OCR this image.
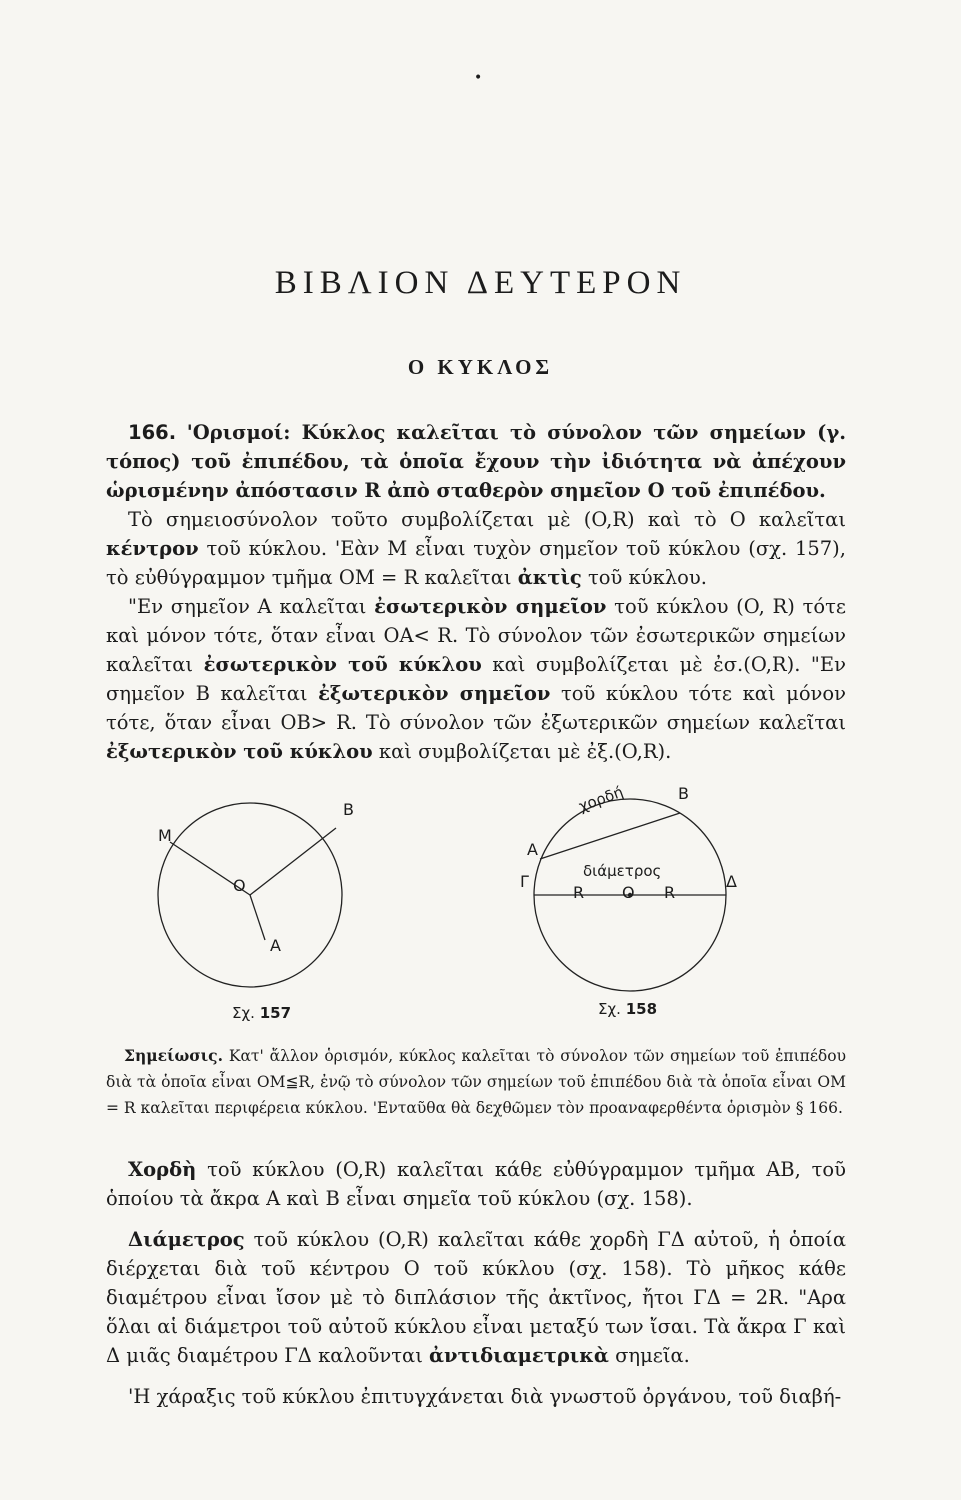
•
ΒΙΒΛΙΟΝ ΔΕΥΤΕΡΟΝ
Ο ΚΥΚΛΟΣ
166. 'Ορισμοί: Κύκλος καλεῖται τὸ σύνολον τῶν σημείων (γ. τόπος) τοῦ ἐπιπέδου, τὰ ὁποῖα ἔχουν τὴν ἰδιότητα νὰ ἀπέχουν ὡρισμένην ἀπόστασιν R ἀπὸ σταθερὸν σημεῖον Ο τοῦ ἐπιπέδου.
Τὸ σημειοσύνολον τοῦτο συμβολίζεται μὲ (O,R) καὶ τὸ Ο καλεῖται κέντρον τοῦ κύκλου. 'Εὰν Μ εἶναι τυχὸν σημεῖον τοῦ κύκλου (σχ. 157), τὸ εὐθύγραμμον τμῆμα ΟΜ = R καλεῖται ἀκτὶς τοῦ κύκλου.
"Εν σημεῖον Α καλεῖται ἐσωτερικὸν σημεῖον τοῦ κύκλου (O, R) τότε καὶ μόνον τότε, ὅταν εἶναι ΟΑ< R. Τὸ σύνολον τῶν ἐσωτερικῶν σημείων καλεῖται ἐσωτερικὸν τοῦ κύκλου καὶ συμβολίζεται μὲ ἐσ.(O,R). "Εν σημεῖον Β καλεῖται ἐξωτερικὸν σημεῖον τοῦ κύκλου τότε καὶ μόνον τότε, ὅταν εἶναι ΟΒ> R. Τὸ σύνολον τῶν ἐξωτερικῶν σημείων καλεῖται ἐξωτερικὸν τοῦ κύκλου καὶ συμβολίζεται μὲ ἐξ.(O,R).
M
O
A
B
Σχ. 157
χορδή
A
B
Γ	Δ
διάμετρος
R O R
Σχ. 158
Σημείωσις. Κατ' ἄλλον ὁρισμόν, κύκλος καλεῖται τὸ σύνολον τῶν σημείων τοῦ ἐπιπέδου διὰ τὰ ὁποῖα εἶναι ΟΜ≦R, ἐνῷ τὸ σύνολον τῶν σημείων τοῦ ἐπιπέδου διὰ τὰ ὁποῖα εἶναι ΟΜ = R καλεῖται περιφέρεια κύκλου. 'Ενταῦθα θὰ δεχθῶμεν τὸν προαναφερθέντα ὁρισμὸν § 166.
Χορδὴ τοῦ κύκλου (O,R) καλεῖται κάθε εὐθύγραμμον τμῆμα ΑΒ, τοῦ ὁποίου τὰ ἄκρα Α καὶ Β εἶναι σημεῖα τοῦ κύκλου (σχ. 158).
Διάμετρος τοῦ κύκλου (O,R) καλεῖται κάθε χορδὴ ΓΔ αὐτοῦ, ἡ ὁποία διέρχεται διὰ τοῦ κέντρου Ο τοῦ κύκλου (σχ. 158). Τὸ μῆκος κάθε διαμέτρου εἶναι ἴσον μὲ τὸ διπλάσιον τῆς ἀκτῖνος, ἤτοι ΓΔ = 2R. "Αρα ὅλαι αἱ διάμετροι τοῦ αὐτοῦ κύκλου εἶναι μεταξύ των ἴσαι. Τὰ ἄκρα Γ καὶ Δ μιᾶς διαμέτρου ΓΔ καλοῦνται ἀντιδιαμετρικὰ σημεῖα.
'Η χάραξις τοῦ κύκλου ἐπιτυγχάνεται διὰ γνωστοῦ ὀργάνου, τοῦ διαβή-
